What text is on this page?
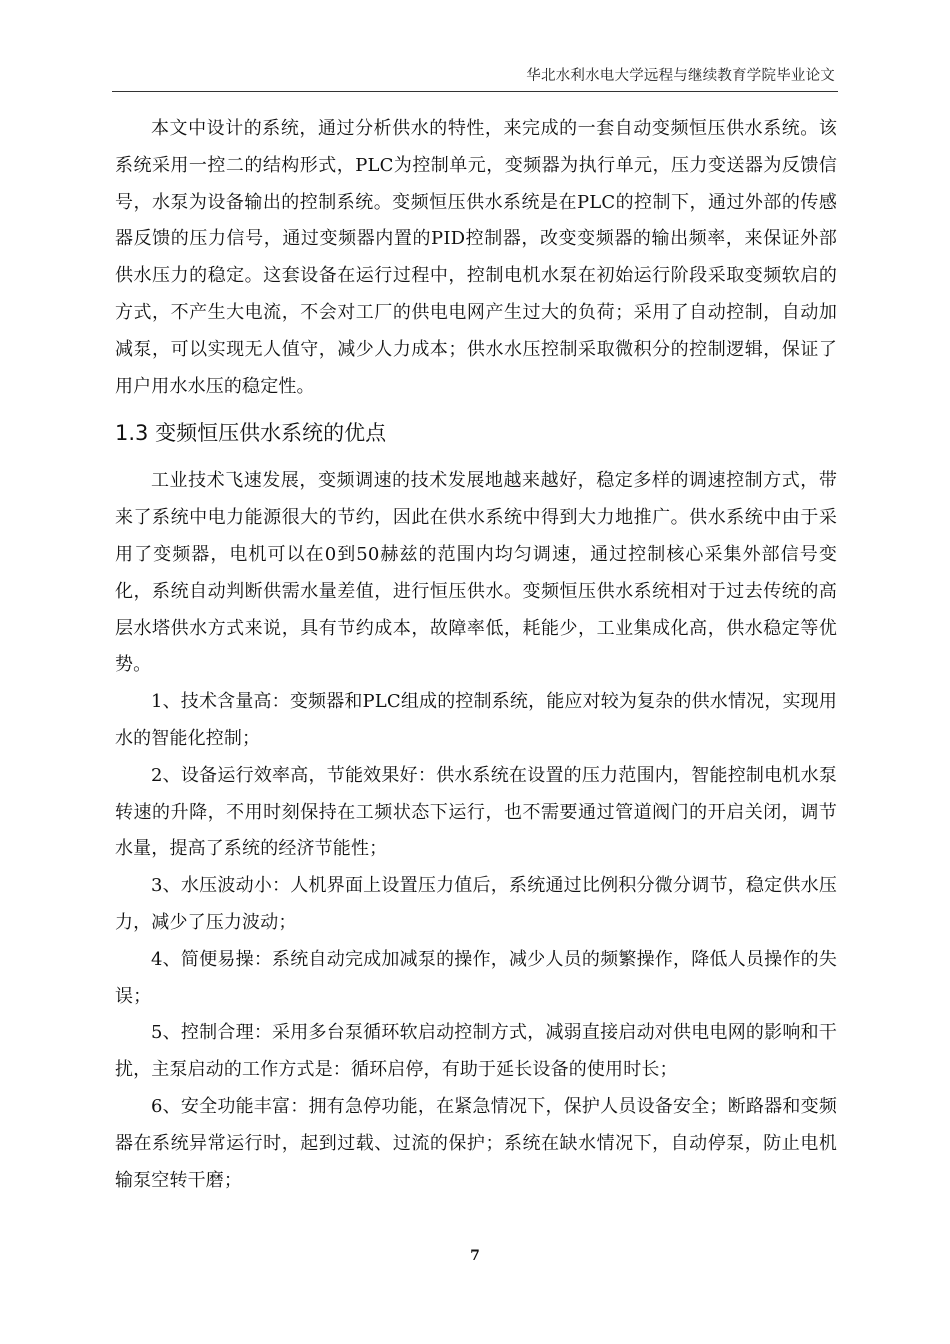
华北水利水电大学远程与继续教育学院毕业论文

本文中设计的系统，通过分析供水的特性，来完成的一套自动变频恒压供水系统。该系统采用一控二的结构形式，PLC为控制单元，变频器为执行单元，压力变送器为反馈信号，水泵为设备输出的控制系统。变频恒压供水系统是在PLC的控制下，通过外部的传感器反馈的压力信号，通过变频器内置的PID控制器，改变变频器的输出频率，来保证外部供水压力的稳定。这套设备在运行过程中，控制电机水泵在初始运行阶段采取变频软启的方式，不产生大电流，不会对工厂的供电电网产生过大的负荷；采用了自动控制，自动加减泵，可以实现无人值守，减少人力成本；供水水压控制采取微积分的控制逻辑，保证了用户用水水压的稳定性。

1.3 变频恒压供水系统的优点

工业技术飞速发展，变频调速的技术发展地越来越好，稳定多样的调速控制方式，带来了系统中电力能源很大的节约，因此在供水系统中得到大力地推广。供水系统中由于采用了变频器，电机可以在0到50赫兹的范围内均匀调速，通过控制核心采集外部信号变化，系统自动判断供需水量差值，进行恒压供水。变频恒压供水系统相对于过去传统的高层水塔供水方式来说，具有节约成本，故障率低，耗能少，工业集成化高，供水稳定等优势。

1、技术含量高：变频器和PLC组成的控制系统，能应对较为复杂的供水情况，实现用水的智能化控制；

2、设备运行效率高，节能效果好：供水系统在设置的压力范围内，智能控制电机水泵转速的升降，不用时刻保持在工频状态下运行，也不需要通过管道阀门的开启关闭，调节水量，提高了系统的经济节能性；

3、水压波动小：人机界面上设置压力值后，系统通过比例积分微分调节，稳定供水压力，减少了压力波动；

4、简便易操：系统自动完成加减泵的操作，减少人员的频繁操作，降低人员操作的失误；

5、控制合理：采用多台泵循环软启动控制方式，减弱直接启动对供电电网的影响和干扰，主泵启动的工作方式是：循环启停，有助于延长设备的使用时长；

6、安全功能丰富：拥有急停功能，在紧急情况下，保护人员设备安全；断路器和变频器在系统异常运行时，起到过载、过流的保护；系统在缺水情况下，自动停泵，防止电机输泵空转干磨；

7
